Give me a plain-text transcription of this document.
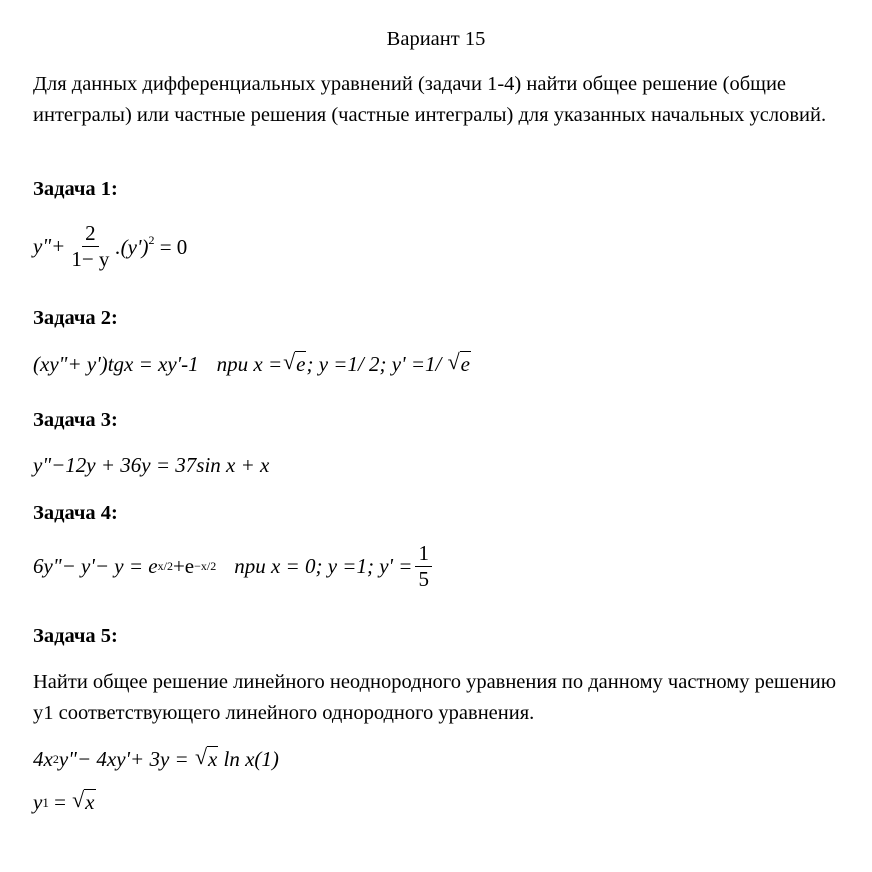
Вариант 15
Для данных дифференциальных уравнений (задачи 1-4) найти общее решение (общие интегралы) или частные решения (частные интегралы) для указанных начальных условий.
Задача 1:
y"+ $\frac{2}{1- y} .(y')^2 = 0$
Задача 2:
(xy"+ y') tgx = xy'-1 при x = √ e ; y =1/ 2; y' =1/ √ e
Задача 3:
y"−12y + 36y = 37sin x + x
Задача 4:
6y"− y'− y = e x/2 +e −x/2 при x = 0; y =1; $y' = \frac{1}{5}$
Задача 5:
Найти общее решение линейного неоднородного уравнения по данному частному решению y1 соответствующего линейного однородного уравнения.
4x 2 y"− 4xy'+ 3y = √ x ln x(1)
y 1 = √ x
